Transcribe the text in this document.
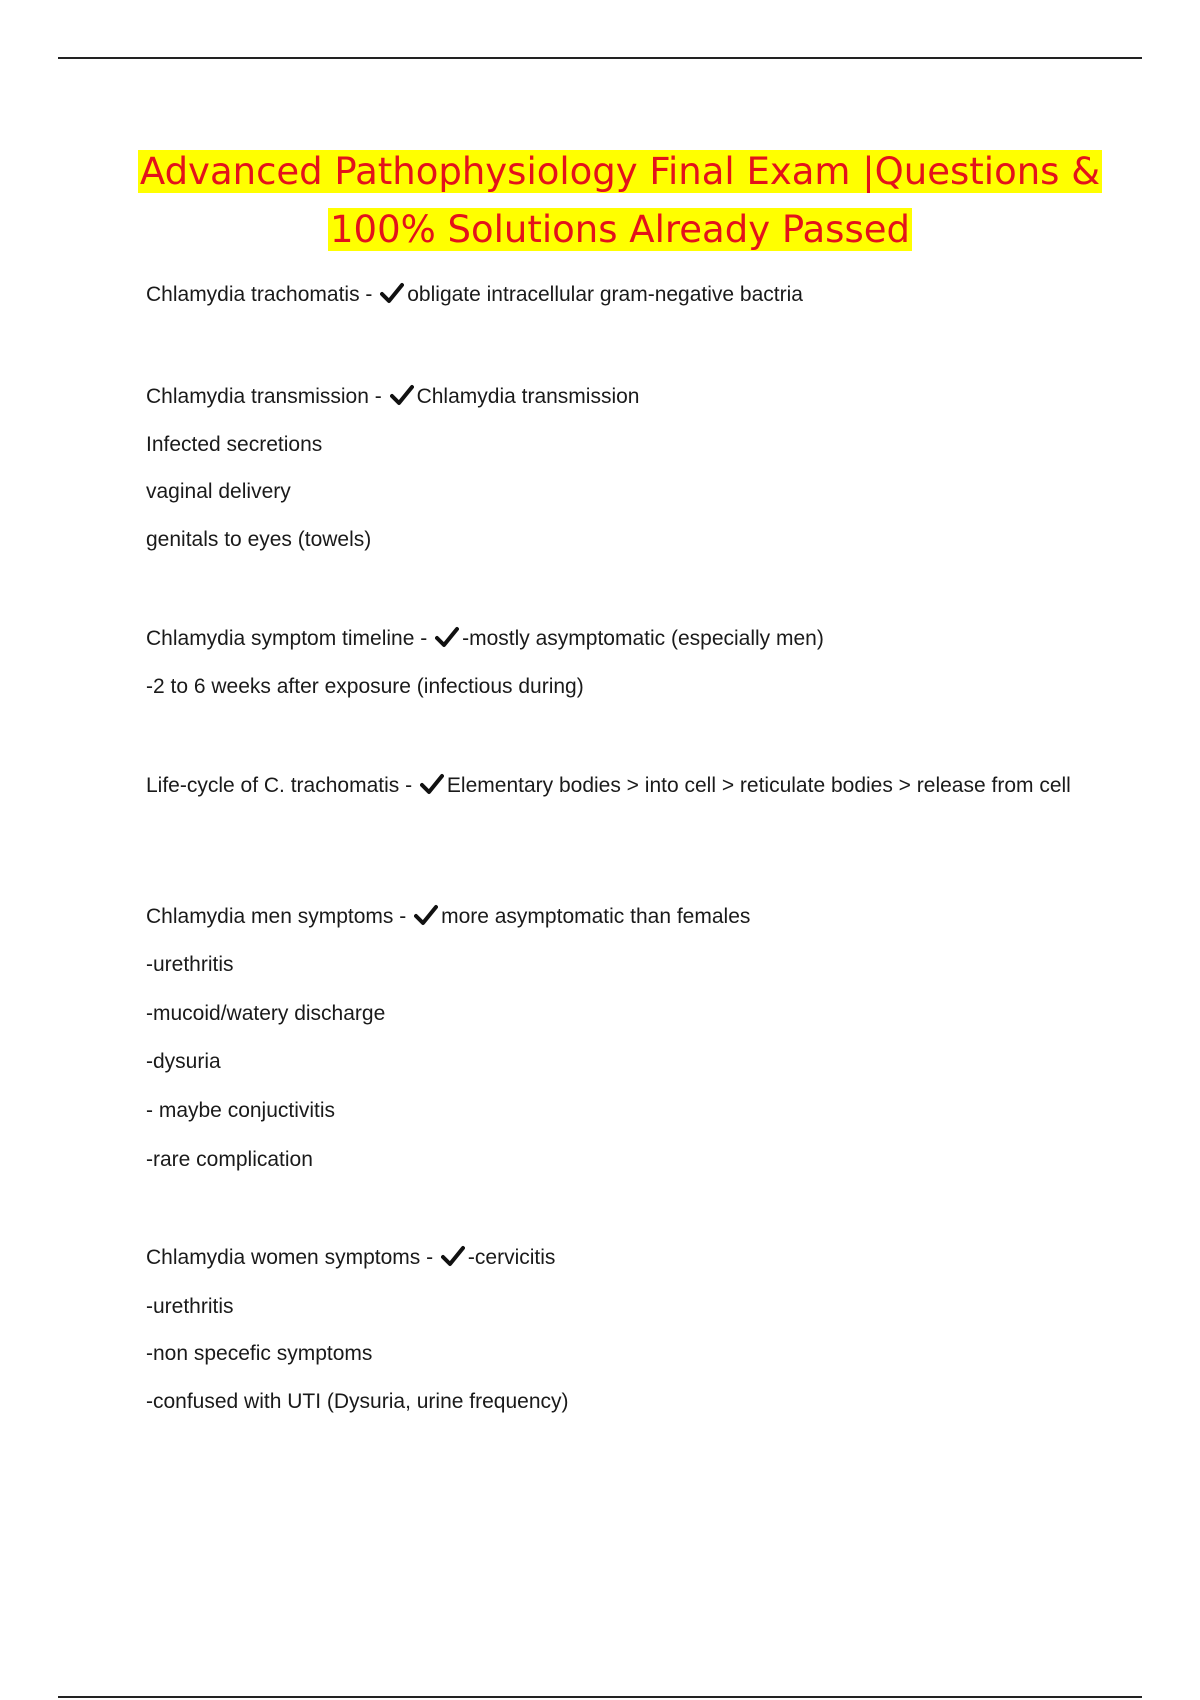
Advanced Pathophysiology Final Exam |Questions &
100% Solutions Already Passed
Chlamydia trachomatis - obligate intracellular gram-negative bactria
Chlamydia transmission - Chlamydia transmission
Infected secretions
vaginal delivery
genitals to eyes (towels)
Chlamydia symptom timeline - -mostly asymptomatic (especially men)
-2 to 6 weeks after exposure (infectious during)
Life-cycle of C. trachomatis - Elementary bodies > into cell > reticulate bodies > release from cell
Chlamydia men symptoms - more asymptomatic than females
-urethritis
-mucoid/watery discharge
-dysuria
- maybe conjuctivitis
-rare complication
Chlamydia women symptoms - -cervicitis
-urethritis
-non specefic symptoms
-confused with UTI (Dysuria, urine frequency)
